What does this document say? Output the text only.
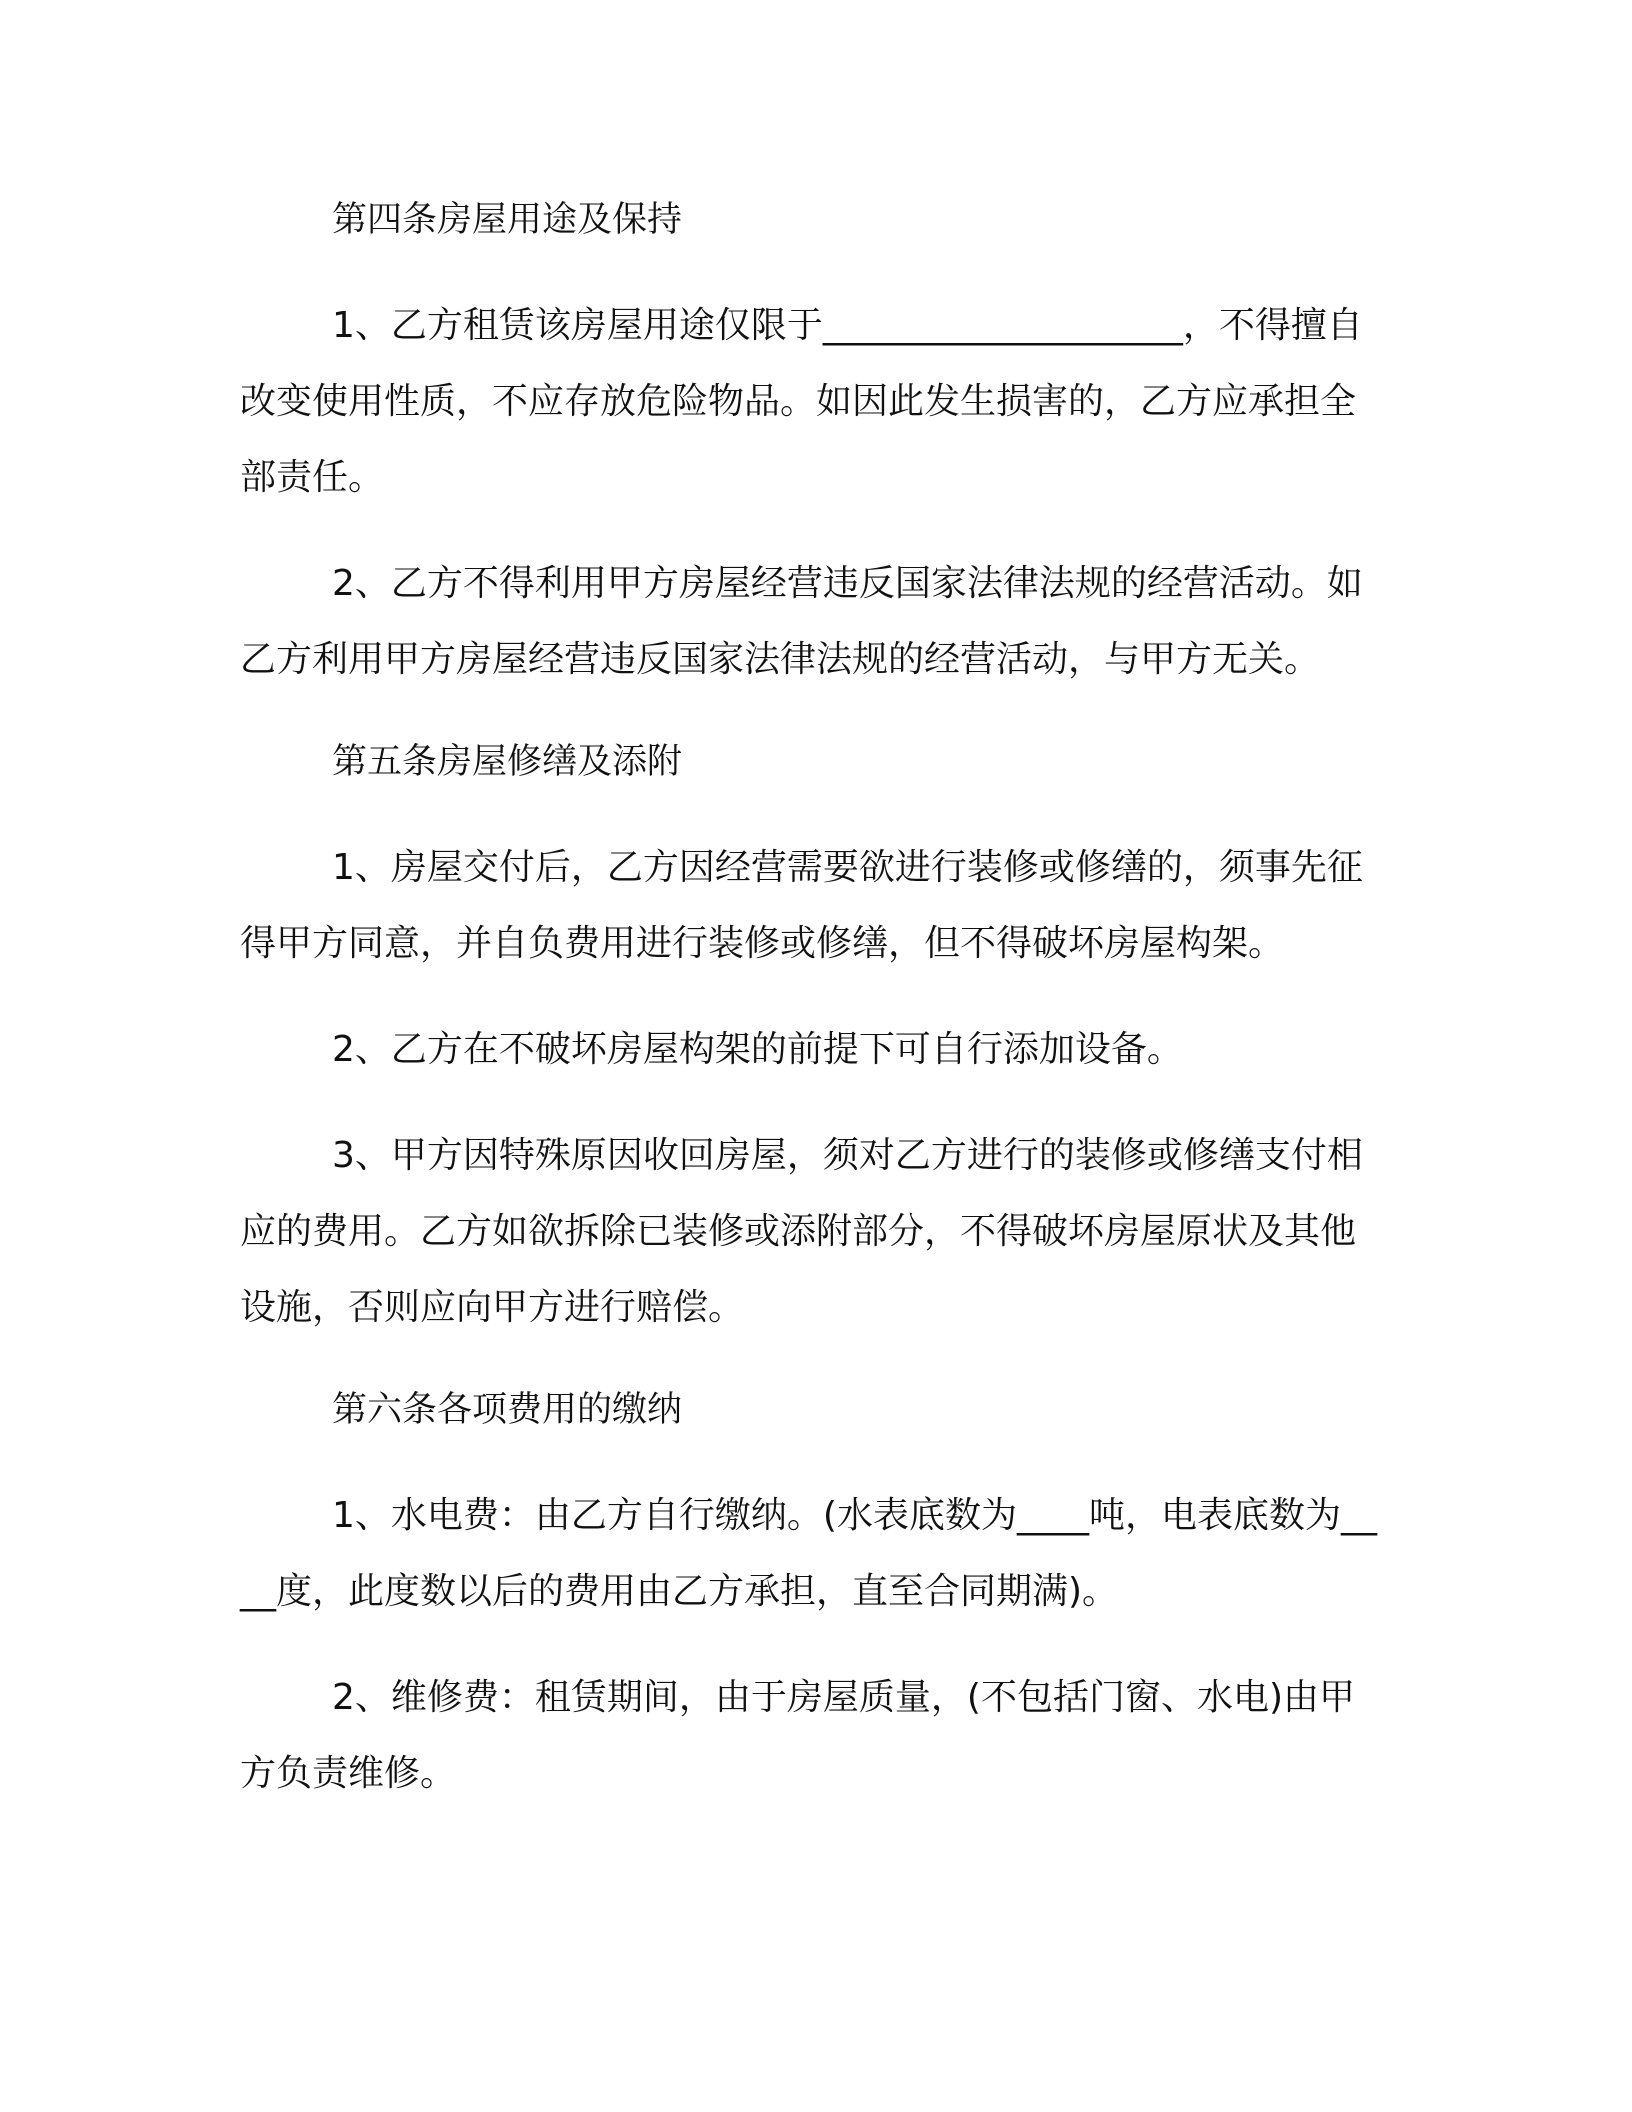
第四条房屋用途及保持

1、乙方租赁该房屋用途仅限于____________________，不得擅自改变使用性质，不应存放危险物品。如因此发生损害的，乙方应承担全部责任。

2、乙方不得利用甲方房屋经营违反国家法律法规的经营活动。如乙方利用甲方房屋经营违反国家法律法规的经营活动，与甲方无关。

第五条房屋修缮及添附

1、房屋交付后，乙方因经营需要欲进行装修或修缮的，须事先征得甲方同意，并自负费用进行装修或修缮，但不得破坏房屋构架。

2、乙方在不破坏房屋构架的前提下可自行添加设备。

3、甲方因特殊原因收回房屋，须对乙方进行的装修或修缮支付相应的费用。乙方如欲拆除已装修或添附部分，不得破坏房屋原状及其他设施，否则应向甲方进行赔偿。

第六条各项费用的缴纳

1、水电费：由乙方自行缴纳。(水表底数为____吨，电表底数为____度，此度数以后的费用由乙方承担，直至合同期满)。

2、维修费：租赁期间，由于房屋质量，(不包括门窗、水电)由甲方负责维修。
